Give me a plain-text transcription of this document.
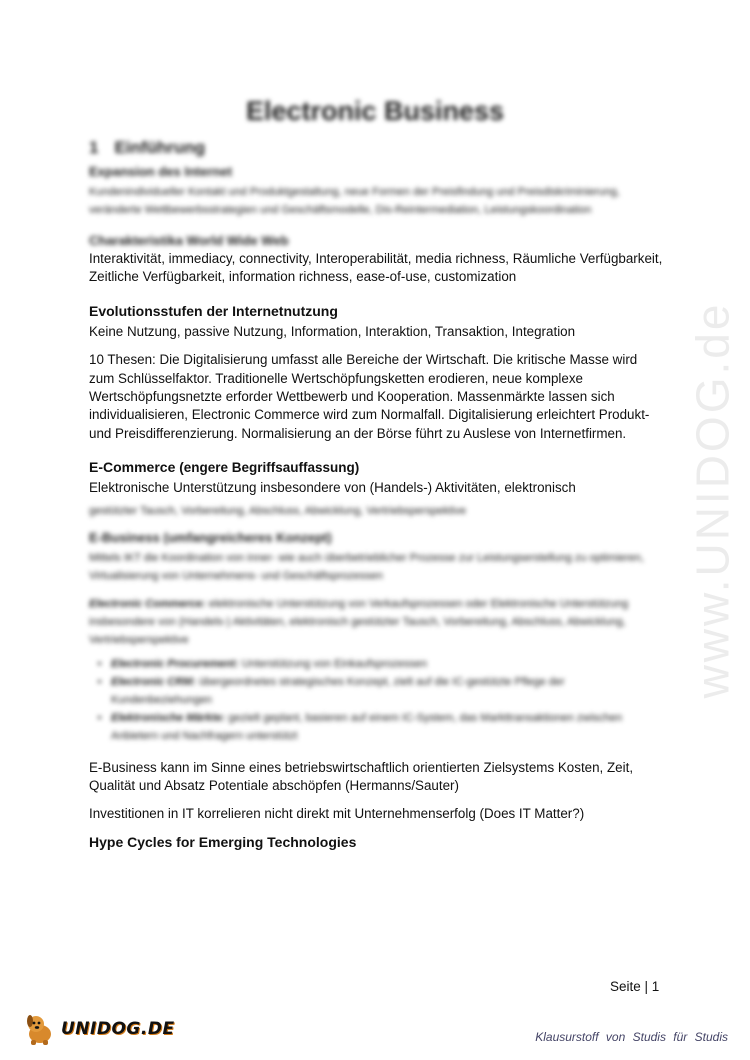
Electronic Business
1 Einführung
Expansion des Internet
Kundenindividueller Kontakt und Produktgestaltung, neue Formen der Preisfindung und Preisdiskriminierung, veränderte Wettbewerbsstrategien und Geschäftsmodelle, Dis-Reintermediation, Leistungskoordination
Charakteristika World Wide Web

Interaktivität, immediacy, connectivity, Interoperabilität, media richness, Räumliche Verfügbarkeit, Zeitliche Verfügbarkeit, information richness, ease-of-use, customization

Evolutionsstufen der Internetnutzung

Keine Nutzung, passive Nutzung, Information, Interaktion, Transaktion, Integration

10 Thesen: Die Digitalisierung umfasst alle Bereiche der Wirtschaft. Die kritische Masse wird zum Schlüsselfaktor. Traditionelle Wertschöpfungsketten erodieren, neue komplexe Wertschöpfungsnetzte erforder Wettbewerb und Kooperation. Massenmärkte lassen sich individualisieren, Electronic Commerce wird zum Normalfall. Digitalisierung erleichtert Produkt- und Preisdifferenzierung. Normalisierung an der Börse führt zu Auslese von Internetfirmen.

E-Commerce (engere Begriffsauffassung)

Elektronische Unterstützung insbesondere von (Handels-) Aktivitäten, elektronisch

gestützter Tausch, Vorbereitung, Abschluss, Abwicklung, Vertriebsperspektive
E-Business (umfangreicheres Konzept)
Mittels IKT die Koordination von inner- wie auch überbetrieblicher Prozesse zur Leistungserstellung zu optimieren, Virtualisierung von Unternehmens- und Geschäftsprozessen
Electronic Commerce: elektronische Unterstützung von Verkaufsprozessen oder Elektronische Unterstützung insbesondere von (Handels-) Aktivitäten, elektronisch gestützter Tausch, Vorbereitung, Abschluss, Abwicklung, Vertriebsperspektive
• Electronic Procurement: Unterstützung von Einkaufsprozessen
• Electronic CRM: übergeordnetes strategisches Konzept, zielt auf die IC-gestützte Pflege der Kundenbeziehungen
• Elektronische Märkte: gezielt geplant, basieren auf einem IC-System, das Markttransaktionen zwischen Anbietern und Nachfragern unterstützt

E-Business kann im Sinne eines betriebswirtschaftlich orientierten Zielsystems Kosten, Zeit, Qualität und Absatz Potentiale abschöpfen (Hermanns/Sauter)

Investitionen in IT korrelieren nicht direkt mit Unternehmenserfolg (Does IT Matter?)

Hype Cycles for Emerging Technologies
www.UNIDOG.de
Seite | 1
UNIDOG.DE	Klausurstoff von Studis für Studis
